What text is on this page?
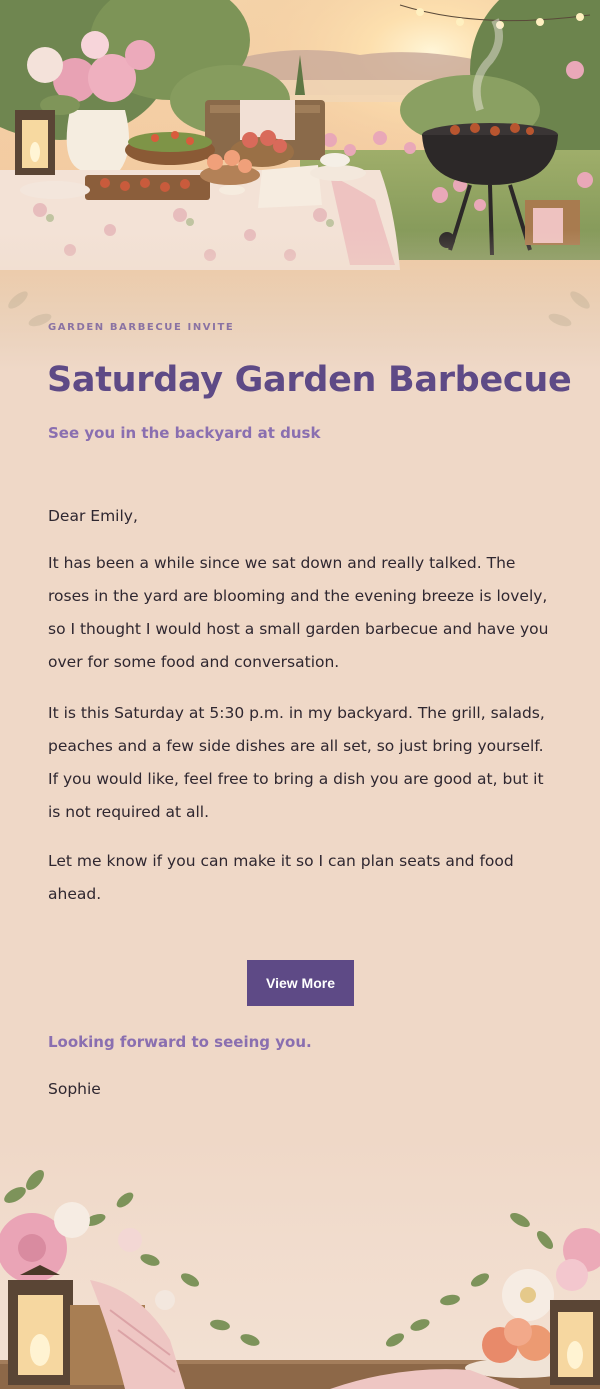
GARDEN BARBECUE INVITE
Saturday Garden Barbecue
See you in the backyard at dusk

Dear Emily,

It has been a while since we sat down and really talked. The roses in the yard are blooming and the evening breeze is lovely, so I thought I would host a small garden barbecue and have you over for some food and conversation.

It is this Saturday at 5:30 p.m. in my backyard. The grill, salads, peaches and a few side dishes are all set, so just bring yourself. If you would like, feel free to bring a dish you are good at, but it is not required at all.

Let me know if you can make it so I can plan seats and food ahead.

View More
Looking forward to seeing you.
Sophie
